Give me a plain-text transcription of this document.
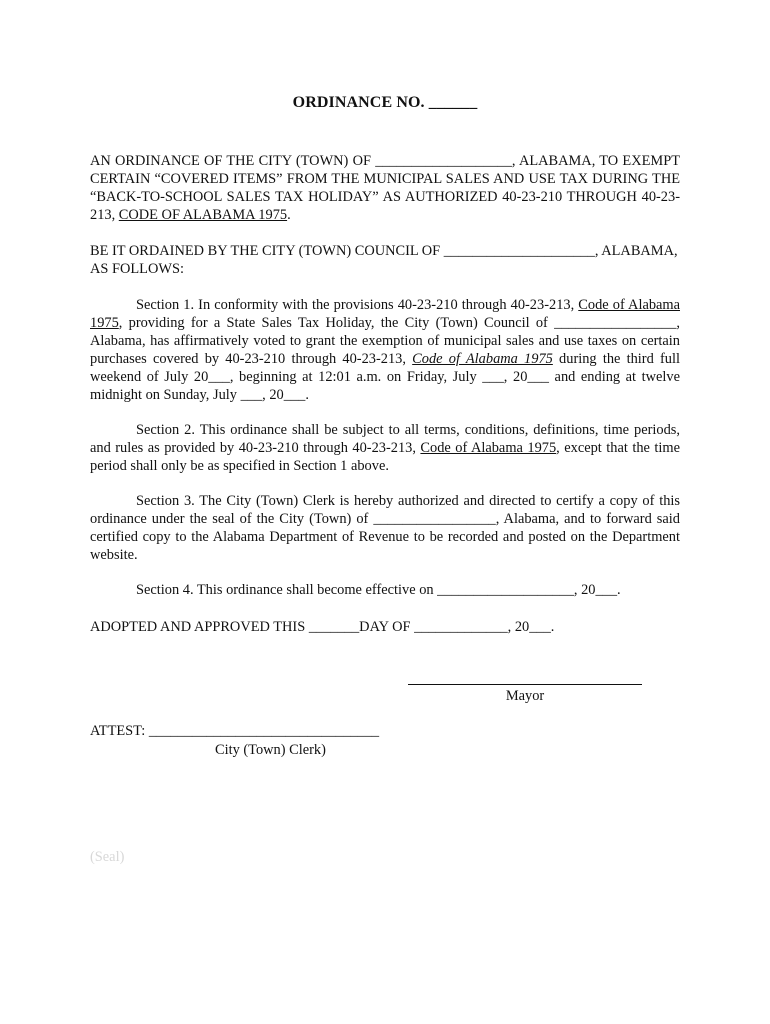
ORDINANCE NO. ______
AN ORDINANCE OF THE CITY (TOWN) OF ___________________, ALABAMA, TO EXEMPT CERTAIN “COVERED ITEMS” FROM THE MUNICIPAL SALES AND USE TAX DURING THE “BACK-TO-SCHOOL SALES TAX HOLIDAY” AS AUTHORIZED 40-23-210 THROUGH 40-23-213, CODE OF ALABAMA 1975.
BE IT ORDAINED BY THE CITY (TOWN) COUNCIL OF _____________________, ALABAMA, AS FOLLOWS:
Section 1. In conformity with the provisions 40-23-210 through 40-23-213, Code of Alabama 1975, providing for a State Sales Tax Holiday, the City (Town) Council of _________________, Alabama, has affirmatively voted to grant the exemption of municipal sales and use taxes on certain purchases covered by 40-23-210 through 40-23-213, Code of Alabama 1975 during the third full weekend of July 20___, beginning at 12:01 a.m. on Friday, July ___, 20___ and ending at twelve midnight on Sunday, July ___, 20___.
Section 2. This ordinance shall be subject to all terms, conditions, definitions, time periods, and rules as provided by 40-23-210 through 40-23-213, Code of Alabama 1975, except that the time period shall only be as specified in Section 1 above.
Section 3. The City (Town) Clerk is hereby authorized and directed to certify a copy of this ordinance under the seal of the City (Town) of _________________, Alabama, and to forward said certified copy to the Alabama Department of Revenue to be recorded and posted on the Department website.
Section 4. This ordinance shall become effective on ___________________, 20___.
ADOPTED AND APPROVED THIS _______DAY OF _____________, 20___.
Mayor
ATTEST: ________________________________
City (Town) Clerk)
(Seal)
